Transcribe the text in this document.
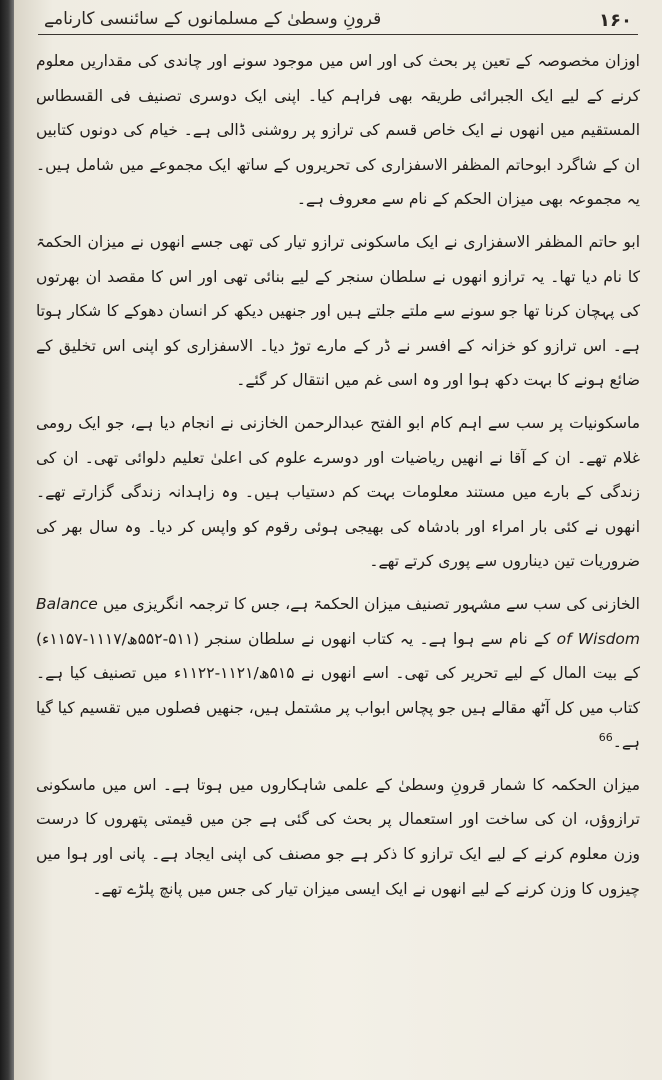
۱۶۰
قرونِ وسطیٰ کے مسلمانوں کے سائنسی کارنامے

اوزان مخصوصہ کے تعین پر بحث کی اور اس میں موجود سونے اور چاندی کی مقداریں معلوم کرنے کے لیے ایک الجبرائی طریقہ بھی فراہم کیا۔ اپنی ایک دوسری تصنیف فی القسطاس المستقیم میں انھوں نے ایک خاص قسم کی ترازو پر روشنی ڈالی ہے۔ خیام کی دونوں کتابیں ان کے شاگرد ابوحاتم المظفر الاسفزاری کی تحریروں کے ساتھ ایک مجموعے میں شامل ہیں۔ یہ مجموعہ بھی میزان الحکم کے نام سے معروف ہے۔

ابو حاتم المظفر الاسفزاری نے ایک ماسکونی ترازو تیار کی تھی جسے انھوں نے میزان الحکمۃ کا نام دیا تھا۔ یہ ترازو انھوں نے سلطان سنجر کے لیے بنائی تھی اور اس کا مقصد ان بھرتوں کی پہچان کرنا تھا جو سونے سے ملتے جلتے ہیں اور جنھیں دیکھ کر انسان دھوکے کا شکار ہوتا ہے۔ اس ترازو کو خزانہ کے افسر نے ڈر کے مارے توڑ دیا۔ الاسفزاری کو اپنی اس تخلیق کے ضائع ہونے کا بہت دکھ ہوا اور وہ اسی غم میں انتقال کر گئے۔

ماسکونیات پر سب سے اہم کام ابو الفتح عبدالرحمن الخازنی نے انجام دیا ہے، جو ایک رومی غلام تھے۔ ان کے آقا نے انھیں ریاضیات اور دوسرے علوم کی اعلیٰ تعلیم دلوائی تھی۔ ان کی زندگی کے بارے میں مستند معلومات بہت کم دستیاب ہیں۔ وہ زاہدانہ زندگی گزارتے تھے۔ انھوں نے کئی بار امراء اور بادشاہ کی بھیجی ہوئی رقوم کو واپس کر دیا۔ وہ سال بھر کی ضروریات تین دیناروں سے پوری کرتے تھے۔

الخازنی کی سب سے مشہور تصنیف میزان الحکمۃ ہے، جس کا ترجمہ انگریزی میں Balance of Wisdom کے نام سے ہوا ہے۔ یہ کتاب انھوں نے سلطان سنجر (۵۱۱-۵۵۲ھ/۱۱۱۷-۱۱۵۷ء) کے بیت المال کے لیے تحریر کی تھی۔ اسے انھوں نے ۵۱۵ھ/۱۱۲۱-۱۱۲۲ء میں تصنیف کیا ہے۔ کتاب میں کل آٹھ مقالے ہیں جو پچاس ابواب پر مشتمل ہیں، جنھیں فصلوں میں تقسیم کیا گیا ہے۔$^{66}$

میزان الحکمہ کا شمار قرونِ وسطیٰ کے علمی شاہکاروں میں ہوتا ہے۔ اس میں ماسکونی ترازوؤں، ان کی ساخت اور استعمال پر بحث کی گئی ہے جن میں قیمتی پتھروں کا درست وزن معلوم کرنے کے لیے ایک ترازو کا ذکر ہے جو مصنف کی اپنی ایجاد ہے۔ پانی اور ہوا میں چیزوں کا وزن کرنے کے لیے انھوں نے ایک ایسی میزان تیار کی جس میں پانچ پلڑے تھے۔
